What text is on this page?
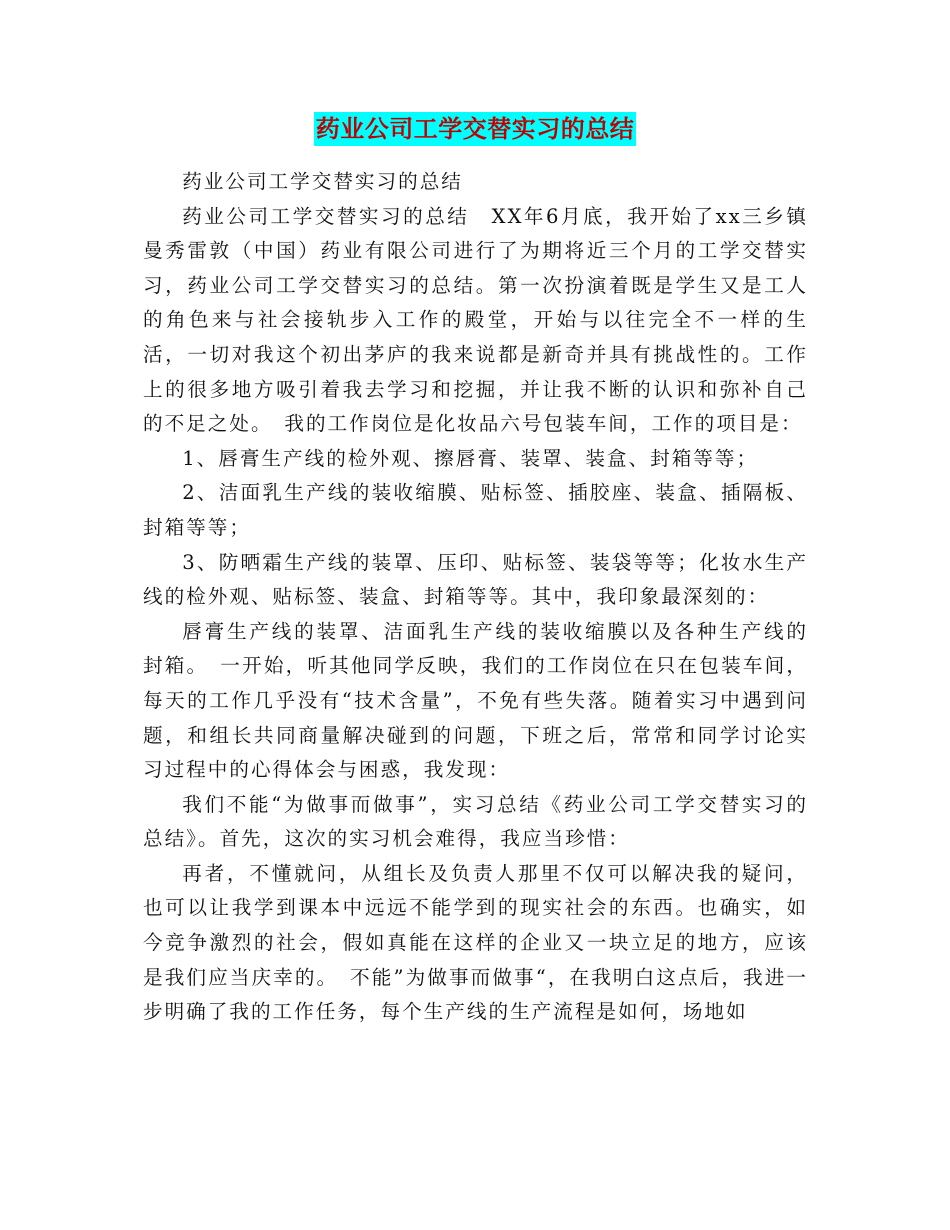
药业公司工学交替实习的总结

药业公司工学交替实习的总结

药业公司工学交替实习的总结　XX年6月底，我开始了xx三乡镇曼秀雷敦（中国）药业有限公司进行了为期将近三个月的工学交替实习，药业公司工学交替实习的总结。第一次扮演着既是学生又是工人的角色来与社会接轨步入工作的殿堂，开始与以往完全不一样的生活，一切对我这个初出茅庐的我来说都是新奇并具有挑战性的。工作上的很多地方吸引着我去学习和挖掘，并让我不断的认识和弥补自己的不足之处。　我的工作岗位是化妆品六号包装车间，工作的项目是：

1、唇膏生产线的检外观、擦唇膏、装罩、装盒、封箱等等；

2、洁面乳生产线的装收缩膜、贴标签、插胶座、装盒、插隔板、封箱等等；

3、防晒霜生产线的装罩、压印、贴标签、装袋等等；化妆水生产线的检外观、贴标签、装盒、封箱等等。其中，我印象最深刻的：

唇膏生产线的装罩、洁面乳生产线的装收缩膜以及各种生产线的封箱。　一开始，听其他同学反映，我们的工作岗位在只在包装车间，每天的工作几乎没有“技术含量”，不免有些失落。随着实习中遇到问题，和组长共同商量解决碰到的问题，下班之后，常常和同学讨论实习过程中的心得体会与困惑，我发现：

我们不能“为做事而做事”，实习总结《药业公司工学交替实习的总结》。首先，这次的实习机会难得，我应当珍惜：

再者，不懂就问，从组长及负责人那里不仅可以解决我的疑问，也可以让我学到课本中远远不能学到的现实社会的东西。也确实，如今竞争激烈的社会，假如真能在这样的企业又一块立足的地方，应该是我们应当庆幸的。　不能”为做事而做事“，在我明白这点后，我进一步明确了我的工作任务，每个生产线的生产流程是如何，场地如
